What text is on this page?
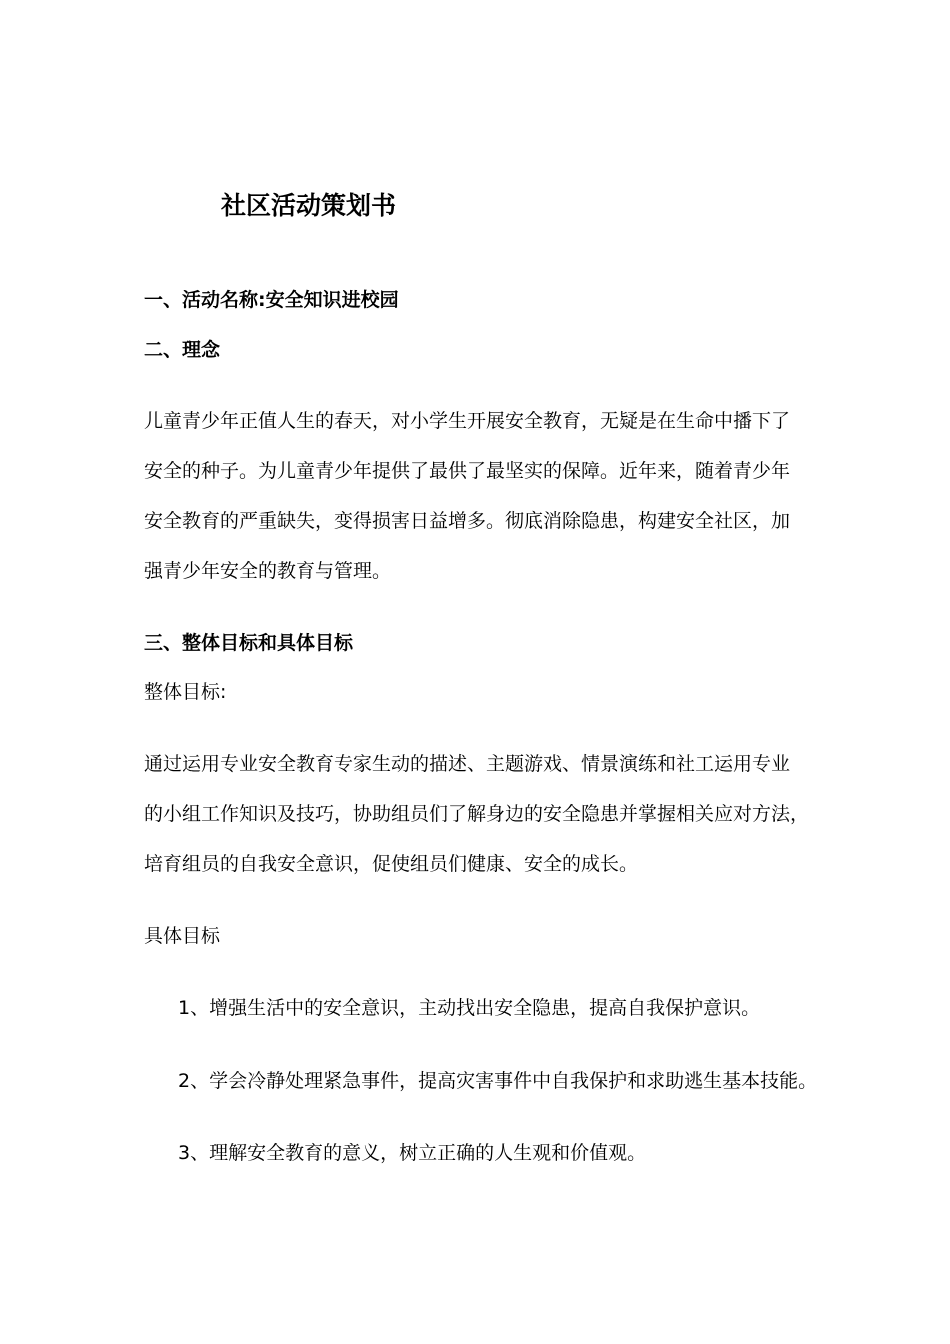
社区活动策划书
一、活动名称:安全知识进校园
二、理念
儿童青少年正值人生的春天，对小学生开展安全教育，无疑是在生命中播下了
安全的种子。为儿童青少年提供了最供了最坚实的保障。近年来，随着青少年
安全教育的严重缺失，变得损害日益增多。彻底消除隐患，构建安全社区，加
强青少年安全的教育与管理。
三、整体目标和具体目标
整体目标:
通过运用专业安全教育专家生动的描述、主题游戏、情景演练和社工运用专业
的小组工作知识及技巧，协助组员们了解身边的安全隐患并掌握相关应对方法，
培育组员的自我安全意识，促使组员们健康、安全的成长。
具体目标
1、增强生活中的安全意识，主动找出安全隐患，提高自我保护意识。
2、学会冷静处理紧急事件，提高灾害事件中自我保护和求助逃生基本技能。
3、理解安全教育的意义，树立正确的人生观和价值观。
